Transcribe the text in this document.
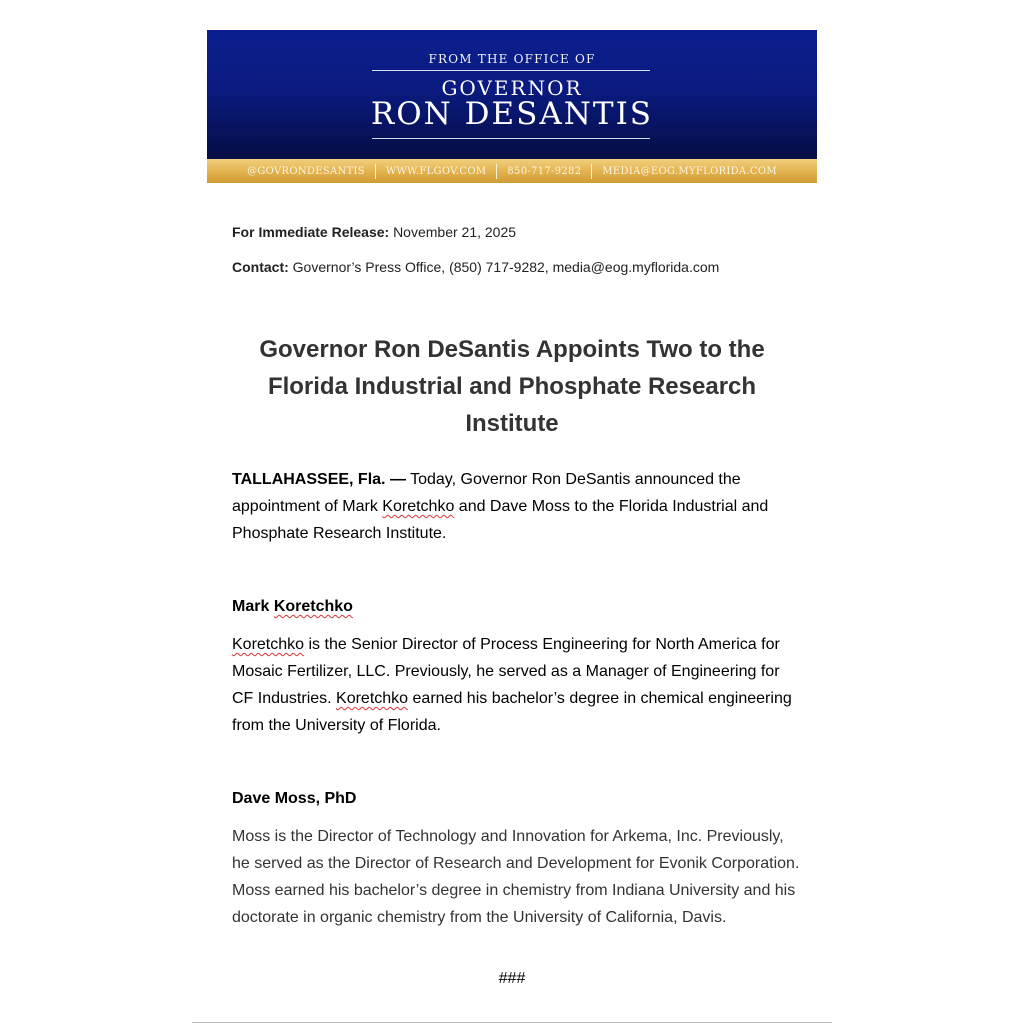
FROM THE OFFICE OF
GOVERNOR
RON DESANTIS
@GOVRONDESANTIS	WWW.FLGOV.COM	850-717-9282	MEDIA@EOG.MYFLORIDA.COM
For Immediate Release: November 21, 2025
Contact: Governor’s Press Office, (850) 717-9282, media@eog.myflorida.com
Governor Ron DeSantis Appoints Two to the Florida Industrial and Phosphate Research Institute
TALLAHASSEE, Fla. — Today, Governor Ron DeSantis announced the appointment of Mark Koretchko and Dave Moss to the Florida Industrial and Phosphate Research Institute.
Mark Koretchko
Koretchko is the Senior Director of Process Engineering for North America for Mosaic Fertilizer, LLC. Previously, he served as a Manager of Engineering for CF Industries. Koretchko earned his bachelor’s degree in chemical engineering from the University of Florida.
Dave Moss, PhD
Moss is the Director of Technology and Innovation for Arkema, Inc. Previously, he served as the Director of Research and Development for Evonik Corporation. Moss earned his bachelor’s degree in chemistry from Indiana University and his doctorate in organic chemistry from the University of California, Davis.
###
